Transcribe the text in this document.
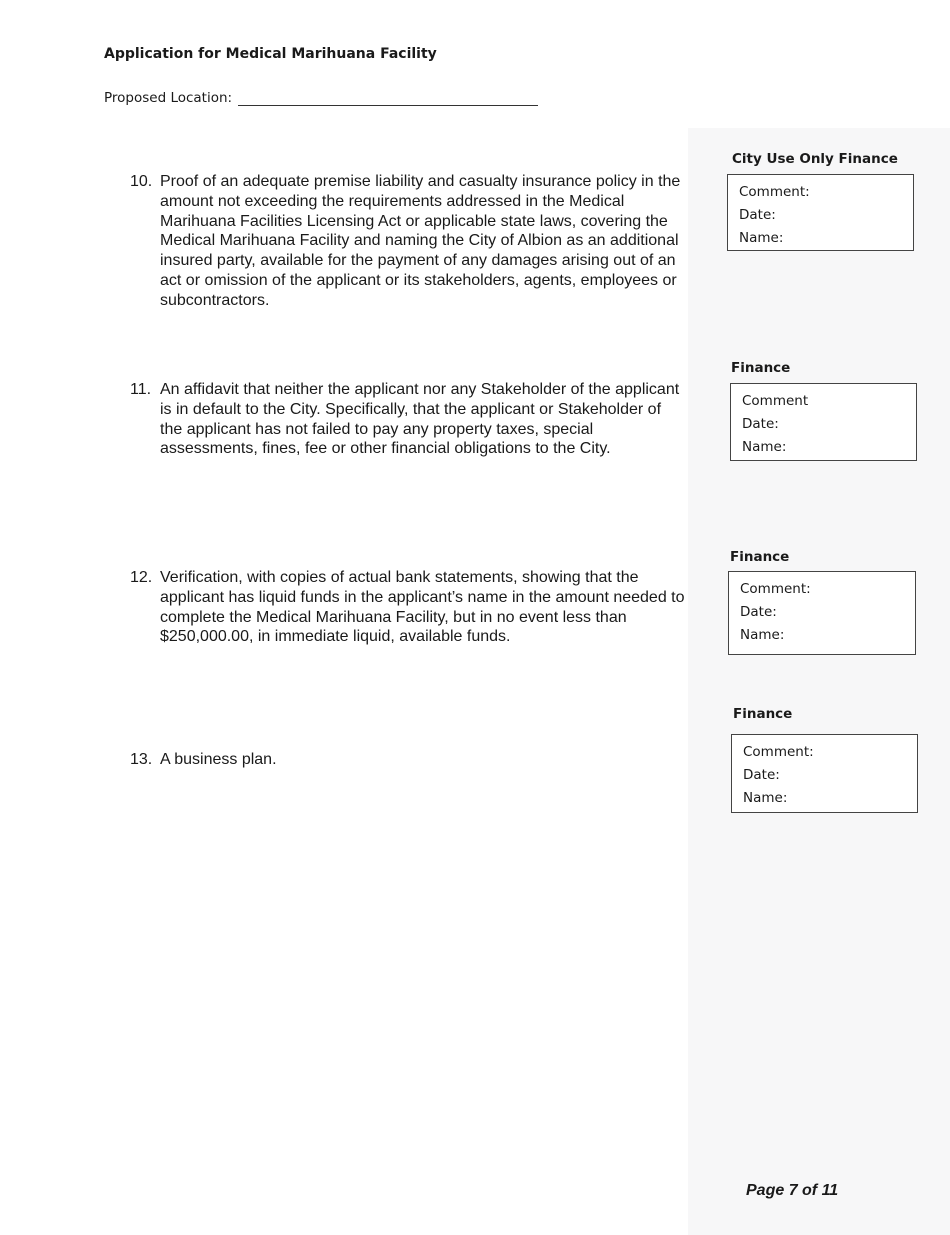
Application for Medical Marihuana Facility
Proposed Location:
10. Proof of an adequate premise liability and casualty insurance policy in the amount not exceeding the requirements addressed in the Medical Marihuana Facilities Licensing Act or applicable state laws, covering the Medical Marihuana Facility and naming the City of Albion as an additional insured party, available for the payment of any damages arising out of an act or omission of the applicant or its stakeholders, agents, employees or subcontractors.
City Use Only Finance
Comment:
Date:
Name:
11. An affidavit that neither the applicant nor any Stakeholder of the applicant is in default to the City. Specifically, that the applicant or Stakeholder of the applicant has not failed to pay any property taxes, special assessments, fines, fee or other financial obligations to the City.
Finance
Comment
Date:
Name:
12. Verification, with copies of actual bank statements, showing that the applicant has liquid funds in the applicant’s name in the amount needed to complete the Medical Marihuana Facility, but in no event less than $250,000.00, in immediate liquid, available funds.
Finance
Comment:
Date:
Name:
13. A business plan.
Finance
Comment:
Date:
Name:
Page 7 of 11
